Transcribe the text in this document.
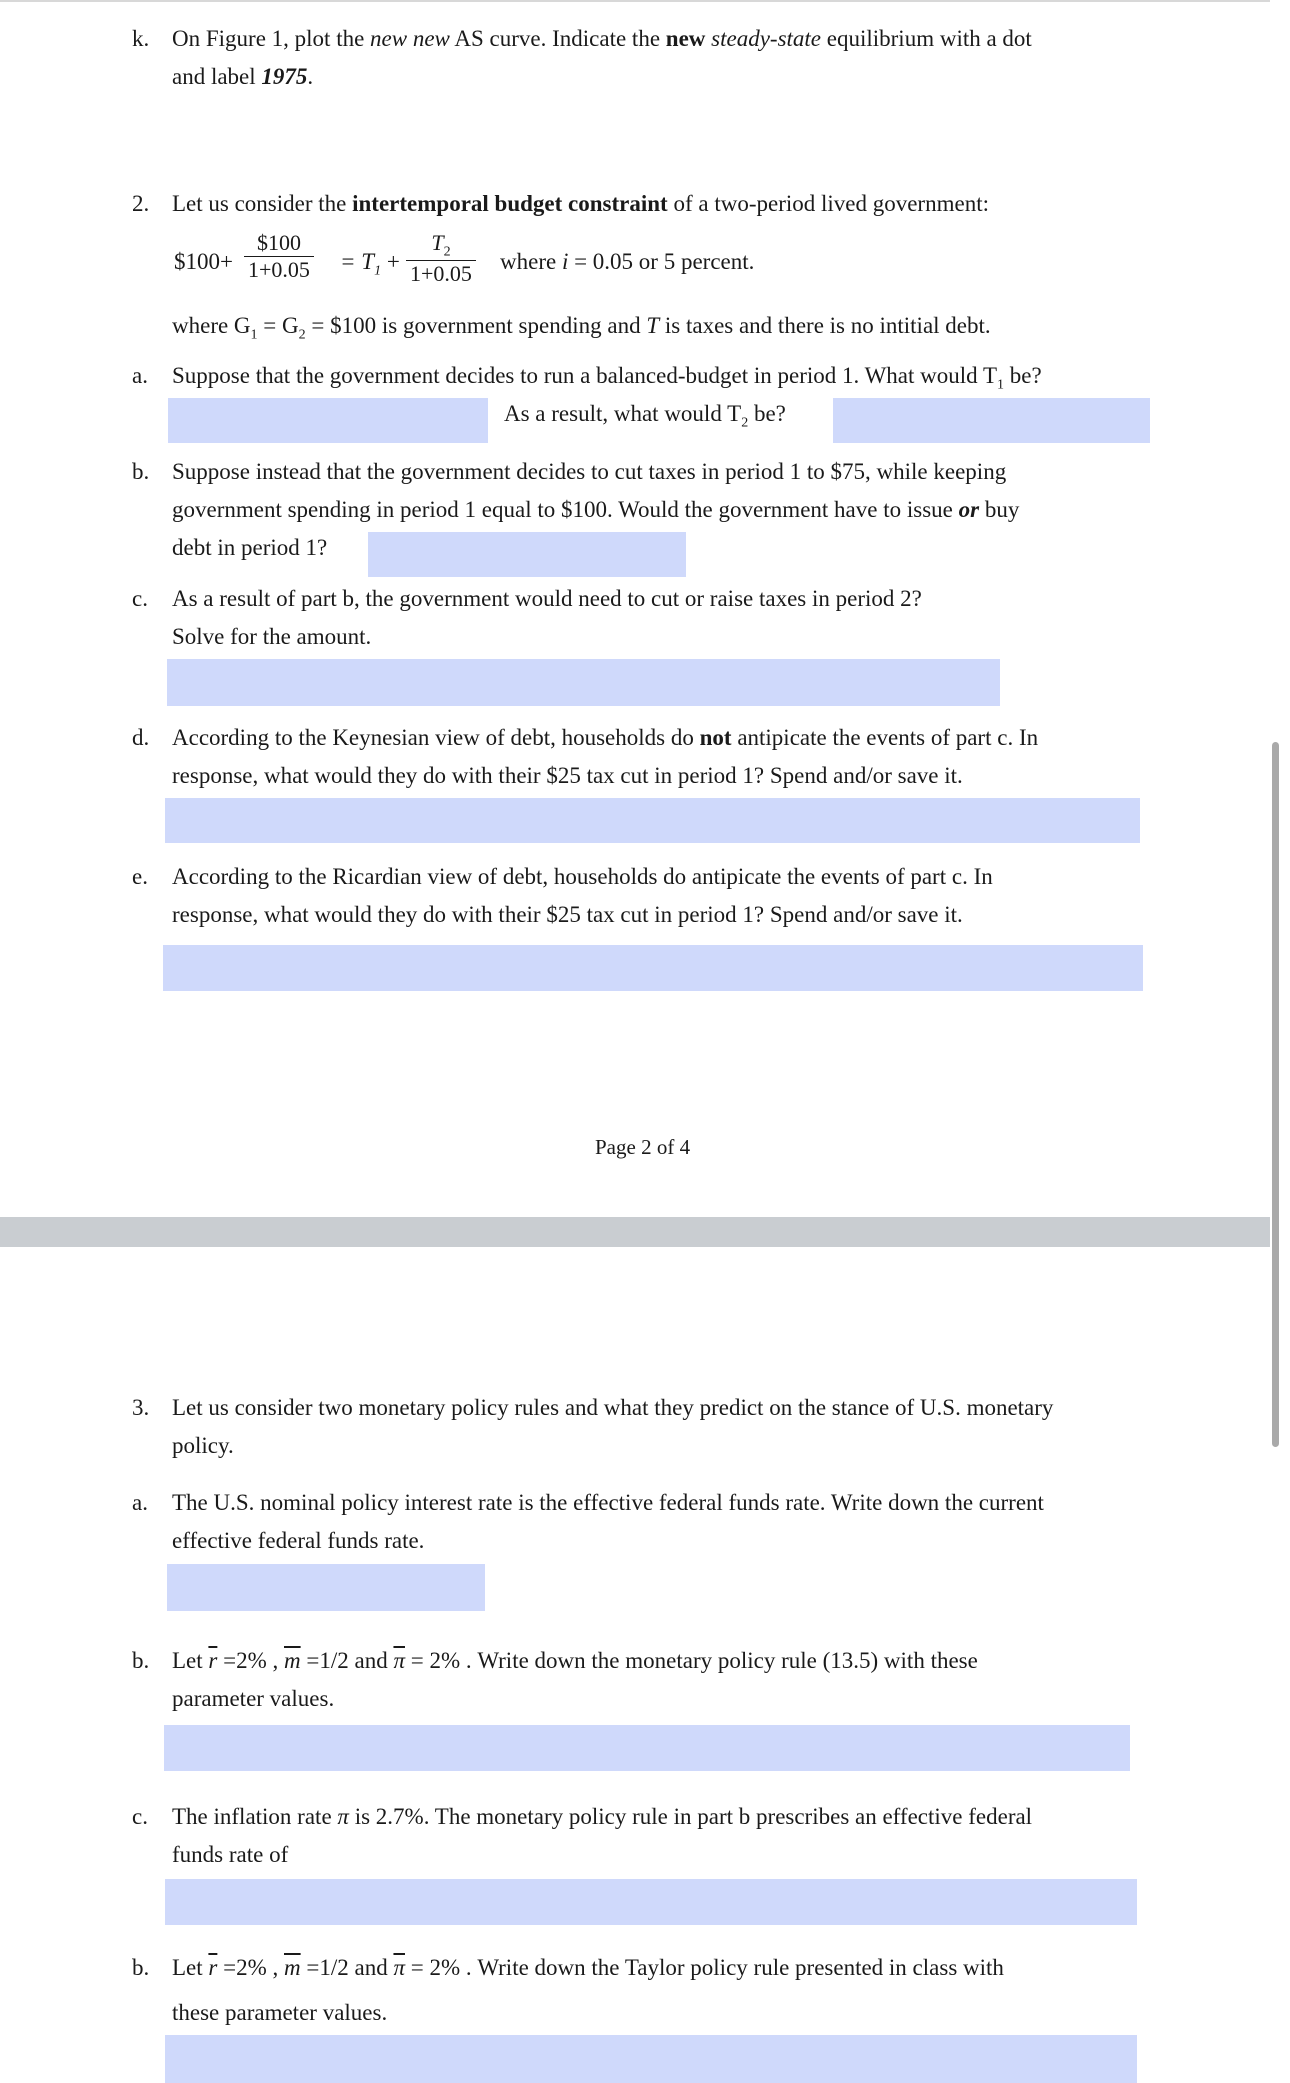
k. On Figure 1, plot the new new AS curve. Indicate the new steady-state equilibrium with a dot
and label 1975.
2. Let us consider the intertemporal budget constraint of a two-period lived government:
$100+
$100
$1+0.05 = T_1$ +
$T_2$
1+0.05 where i = 0.05 or 5 percent.
where $G_1 = G_2$ = $100 is government spending and T is taxes and there is no intitial debt.
a. Suppose that the government decides to run a balanced-budget in period 1. What would $T_1$ be?
As a result, what would $T_2$ be?
b. Suppose instead that the government decides to cut taxes in period 1 to $75, while keeping
government spending in period 1 equal to $100. Would the government have to issue or buy
debt in period 1?
c. As a result of part b, the government would need to cut or raise taxes in period 2?
Solve for the amount.
d. According to the Keynesian view of debt, households do not antipicate the events of part c. In
response, what would they do with their $25 tax cut in period 1? Spend and/or save it.
e. According to the Ricardian view of debt, households do antipicate the events of part c. In
response, what would they do with their $25 tax cut in period 1? Spend and/or save it.
Page 2 of 4
3. Let us consider two monetary policy rules and what they predict on the stance of U.S. monetary
policy.
a. The U.S. nominal policy interest rate is the effective federal funds rate. Write down the current
effective federal funds rate.
b. Let $\overline{r} =2\%$ , $\overline{m} =1/2$ and $\overline{\pi} = 2\%$ . Write down the monetary policy rule (13.5) with these
parameter values.
c. The inflation rate π is 2.7%. The monetary policy rule in part b prescribes an effective federal
funds rate of
b. Let $\overline{r} =2\%$ , $\overline{m} =1/2$ and $\overline{\pi} = 2\%$ . Write down the Taylor policy rule presented in class with
these parameter values.
